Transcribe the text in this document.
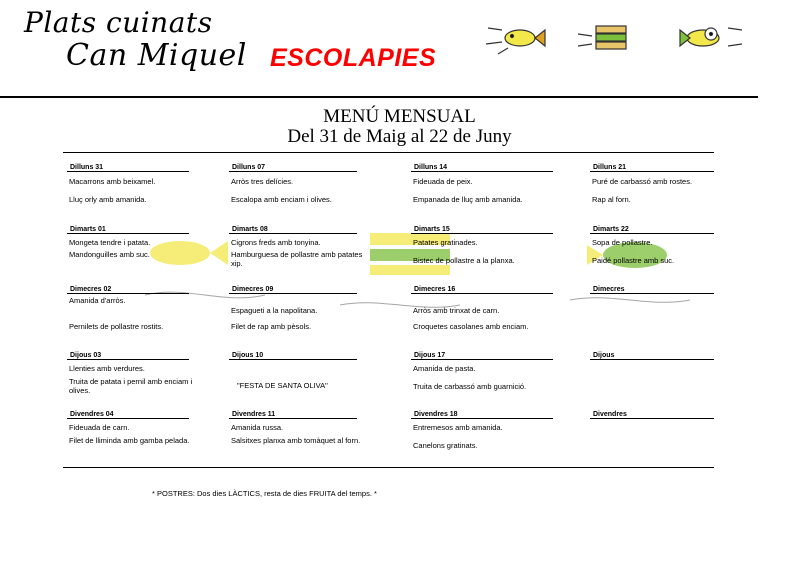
Plats cuinats
Can Miquel ESCOLAPIES
MENÚ MENSUAL
Del 31 de Maig al 22 de Juny
Dilluns 31
Macarrons amb beixamel.
Lluç orly amb amanida.
Dimarts 01
Mongeta tendre i patata.
Mandonguilles amb suc.
Dimecres 02
Amanida d'arròs.
Pernilets de pollastre rostits.
Dijous 03
Llenties amb verdures.
Truita de patata i pernil amb enciam i olives.
Divendres 04
Fideuada de carn.
Filet de lliminda amb gamba pelada.
Dilluns 07
Arròs tres delícies.
Escalopa amb enciam i olives.
Dimarts 08
Cigrons freds amb tonyina.
Hamburguesa de pollastre amb patates xip.
Dimecres 09
Espagueti a la napolitana.
Filet de rap amb pèsols.
Dijous 10
"FESTA DE SANTA OLIVA"
Divendres 11
Amanida russa.
Salsitxes planxa amb tomàquet al forn.
Dilluns 14
Fideuada de peix.
Empanada de lluç amb amanida.
Dimarts 15
Patates gratinades.
Bistec de pollastre a la planxa.
Dimecres 16
Arròs amb trinxat de carn.
Croquetes casolanes amb enciam.
Dijous 17
Amanida de pasta.
Truita de carbassó amb guarnició.
Divendres 18
Entremesos amb amanida.
Canelons gratinats.
Dilluns 21
Puré de carbassó amb rostes.
Rap al forn.
Dimarts 22
Sopa de pollastre.
Paidé pollastre amb suc.
Dimecres
Dijous
Divendres
* POSTRES: Dos dies LÀCTICS, resta de dies FRUITA del temps. *
